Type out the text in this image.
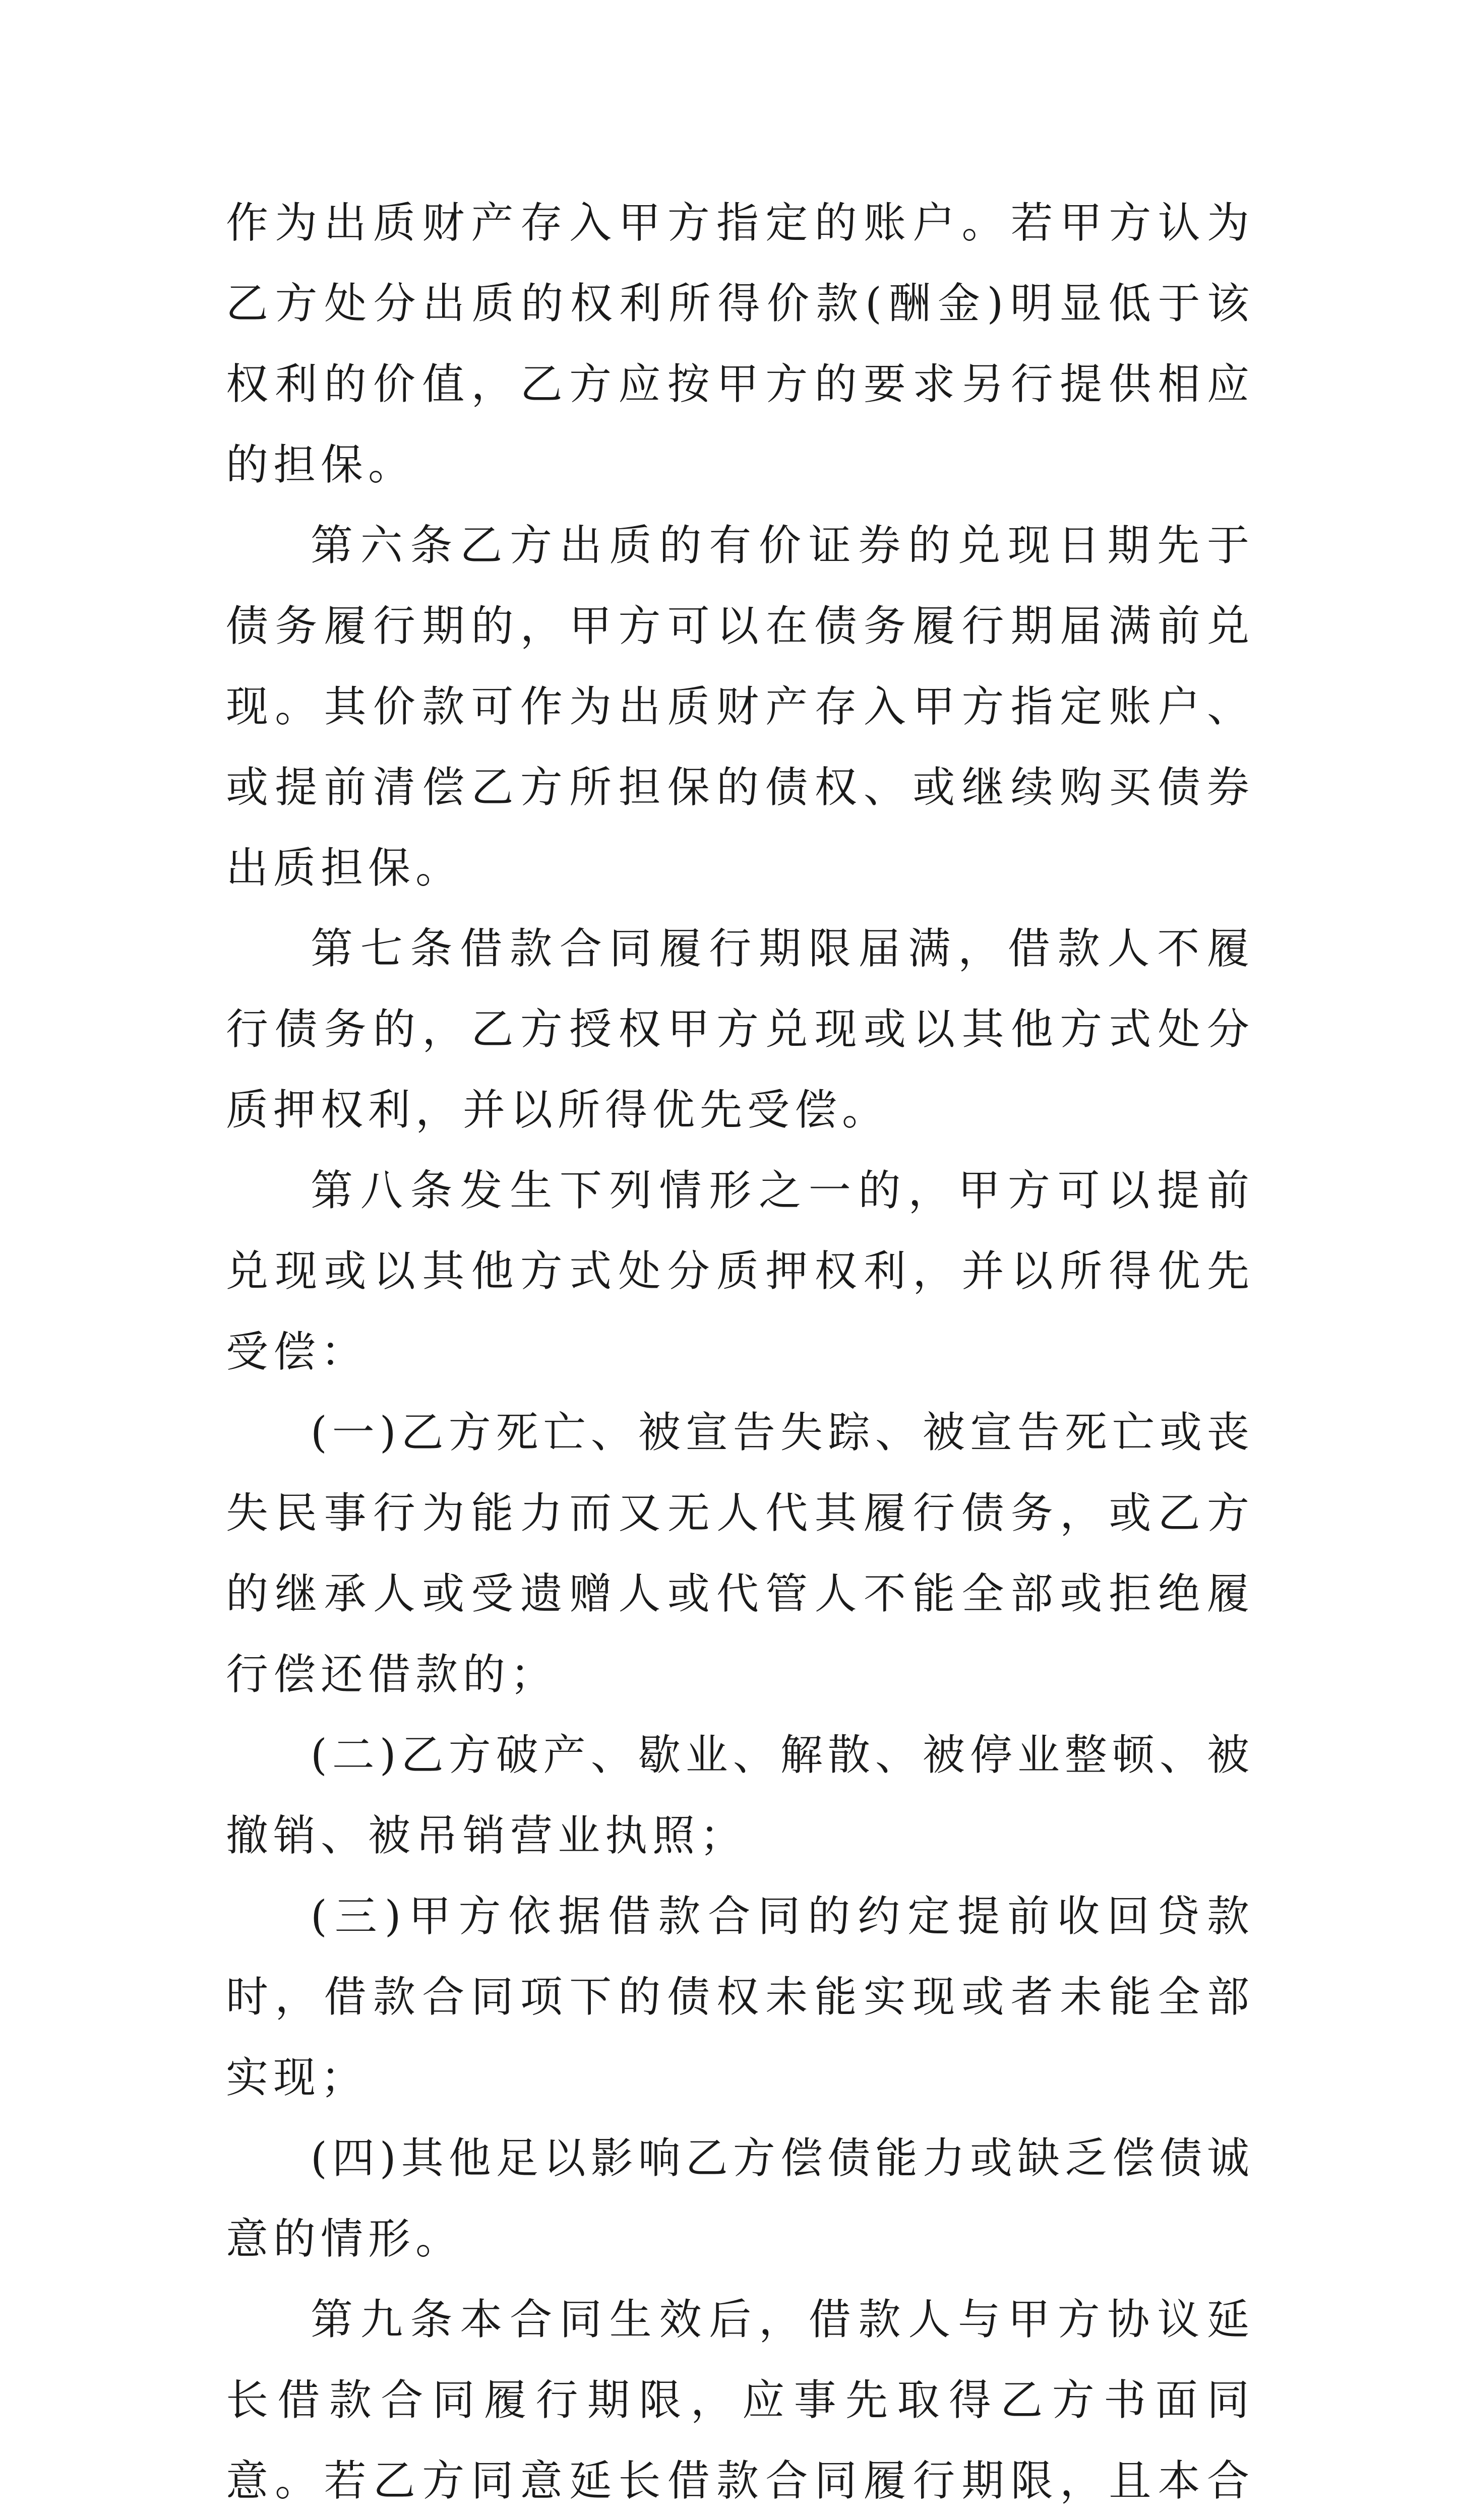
作为出质财产存入甲方指定的账户。若甲方认为乙方处分出质的权利所得价款(酬金)明显低于该权利的价值，乙方应按甲方的要求另行提供相应的担保。

第六条乙方出质的有价证券的兑现日期先于债务履行期的，甲方可以在债务履行期届满前兑现。其价款可作为出质财产存入甲方指定账户、或提前清偿乙方所担保的债权、或继续购买债券出质担保。

第七条借款合同履行期限届满，借款人不履行债务的，乙方授权甲方兑现或以其他方式处分质押权利，并以所得优先受偿。

第八条发生下列情形之一的，甲方可以提前兑现或以其他方式处分质押权利，并以所得优先受偿：

(一)乙方死亡、被宣告失踪、被宣告死亡或丧失民事行为能力而又无人代其履行债务，或乙方的继承人或受遗赠人或代管人不能全部或拒绝履行偿还借款的；

(二)乙方破产、歇业、解散、被停业整顿、被撤销、被吊销营业执照；

(三)甲方依据借款合同的约定提前收回贷款时，借款合同项下的债权未能实现或者未能全部实现；

(四)其他足以影响乙方偿债能力或缺乏偿债诚意的情形。

第九条本合同生效后，借款人与甲方协议延长借款合同履行期限，应事先取得乙方书面同意。若乙方同意延长借款合同履行期限，且本合
